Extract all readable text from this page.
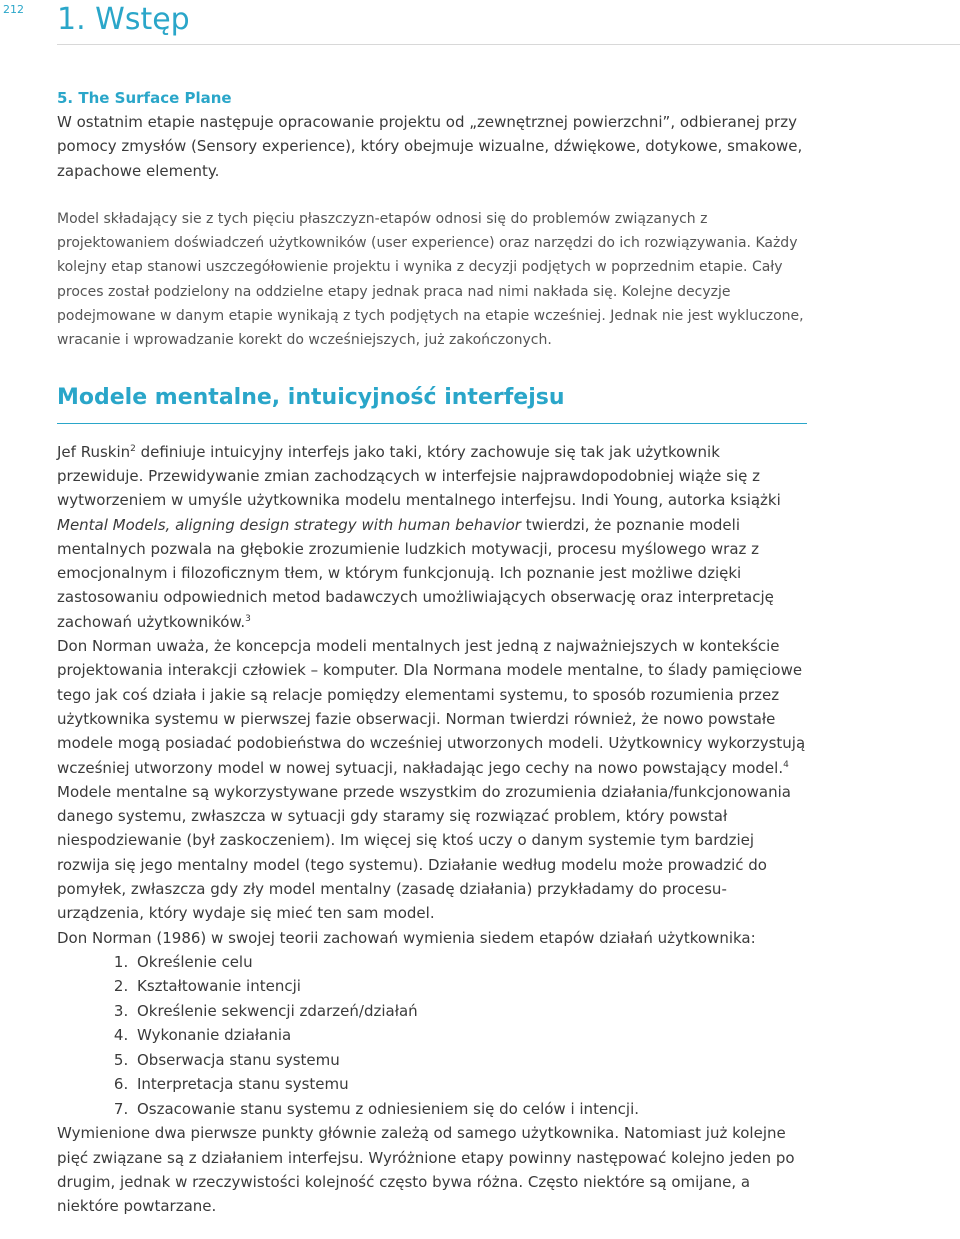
212 1. Wstęp

5. The Surface Plane

W ostatnim etapie następuje opracowanie projektu od „zewnętrznej powierzchni”, odbieranej przy pomocy zmysłów (Sensory experience), który obejmuje wizualne, dźwiękowe, dotykowe, smakowe, zapachowe elementy.

Model składający sie z tych pięciu płaszczyzn-etapów odnosi się do problemów związanych z projektowaniem doświadczeń użytkowników (user experience) oraz narzędzi do ich rozwiązywania. Każdy kolejny etap stanowi uszczegółowienie projektu i wynika z decyzji podjętych w poprzednim etapie. Cały proces został podzielony na oddzielne etapy jednak praca nad nimi nakłada się. Kolejne decyzje podejmowane w danym etapie wynikają z tych podjętych na etapie wcześniej. Jednak nie jest wykluczone, wracanie i wprowadzanie korekt do wcześniejszych, już zakończonych.

Modele mentalne, intuicyjność interfejsu

Jef Ruskin$^2$ definiuje intuicyjny interfejs jako taki, który zachowuje się tak jak użytkownik przewiduje. Przewidywanie zmian zachodzących w interfejsie najprawdopodobniej wiąże się z wytworzeniem w umyśle użytkownika modelu mentalnego interfejsu. Indi Young, autorka książki Mental Models, aligning design strategy with human behavior twierdzi, że poznanie modeli mentalnych pozwala na głębokie zrozumienie ludzkich motywacji, procesu myślowego wraz z emocjonalnym i filozoficznym tłem, w którym funkcjonują. Ich poznanie jest możliwe dzięki zastosowaniu odpowiednich metod badawczych umożliwiających obserwację oraz interpretację zachowań użytkowników.$^3$

Don Norman uważa, że koncepcja modeli mentalnych jest jedną z najważniejszych w kontekście projektowania interakcji człowiek – komputer. Dla Normana modele mentalne, to ślady pamięciowe tego jak coś działa i jakie są relacje pomiędzy elementami systemu, to sposób rozumienia przez użytkownika systemu w pierwszej fazie obserwacji. Norman twierdzi również, że nowo powstałe modele mogą posiadać podobieństwa do wcześniej utworzonych modeli. Użytkownicy wykorzystują wcześniej utworzony model w nowej sytuacji, nakładając jego cechy na nowo powstający model.$^4$

Modele mentalne są wykorzystywane przede wszystkim do zrozumienia działania/funkcjonowania danego systemu, zwłaszcza w sytuacji gdy staramy się rozwiązać problem, który powstał niespodziewanie (był zaskoczeniem). Im więcej się ktoś uczy o danym systemie tym bardziej rozwija się jego mentalny model (tego systemu). Działanie według modelu może prowadzić do pomyłek, zwłaszcza gdy zły model mentalny (zasadę działania) przykładamy do procesu-urządzenia, który wydaje się mieć ten sam model.

Don Norman (1986) w swojej teorii zachowań wymienia siedem etapów działań użytkownika:

1. Określenie celu
2. Kształtowanie intencji
3. Określenie sekwencji zdarzeń/działań
4. Wykonanie działania
5. Obserwacja stanu systemu
6. Interpretacja stanu systemu
7. Oszacowanie stanu systemu z odniesieniem się do celów i intencji.

Wymienione dwa pierwsze punkty głównie zależą od samego użytkownika. Natomiast już kolejne pięć związane są z działaniem interfejsu. Wyróżnione etapy powinny następować kolejno jeden po drugim, jednak w rzeczywistości kolejność często bywa różna. Często niektóre są omijane, a niektóre powtarzane.
